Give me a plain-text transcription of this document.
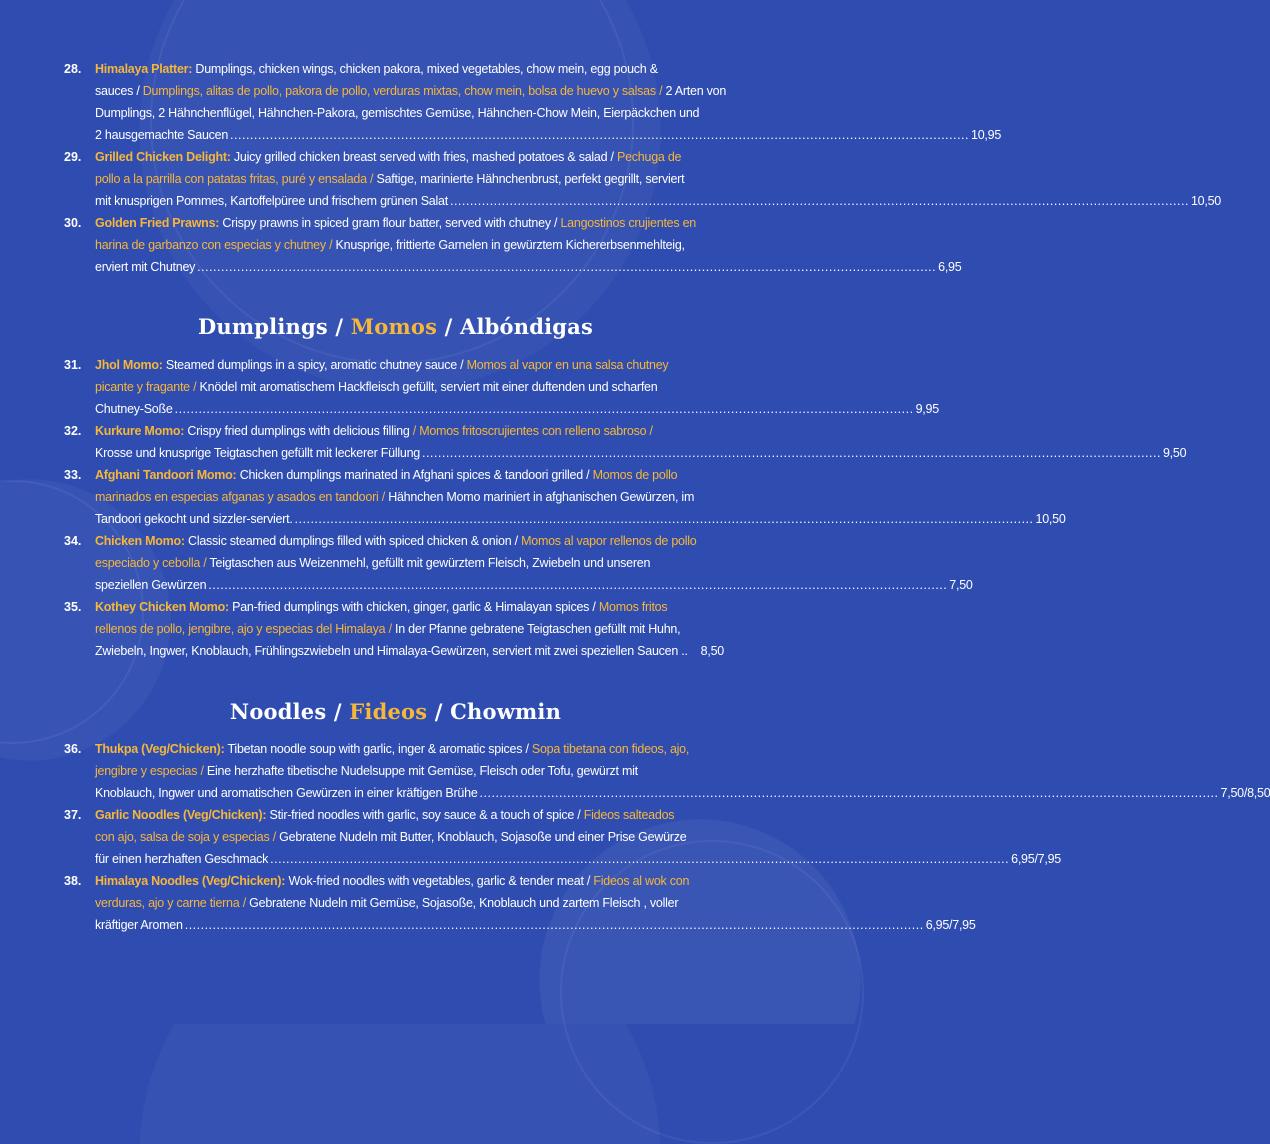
28.	Himalaya Platter: Dumplings, chicken wings, chicken pakora, mixed vegetables, chow mein, egg pouch &
sauces / Dumplings, alitas de pollo, pakora de pollo, verduras mixtas, chow mein, bolsa de huevo y salsas / 2 Arten von
Dumplings, 2 Hähnchenflügel, Hähnchen-Pakora, gemischtes Gemüse, Hähnchen-Chow Mein, Eierpäckchen und
2 hausgemachte Saucen .......................................................................................................................................................................................... 10,95
29.	Grilled Chicken Delight: Juicy grilled chicken breast served with fries, mashed potatoes & salad / Pechuga de
pollo a la parrilla con patatas fritas, puré y ensalada / Saftige, marinierte Hähnchenbrust, perfekt gegrillt, serviert
mit knusprigen Pommes, Kartoffelpüree und frischem grünen Salat .......................................................................................................................................................................................... 10,50
30.	Golden Fried Prawns: Crispy prawns in spiced gram flour batter, served with chutney / Langostinos crujientes en
harina de garbanzo con especias y chutney / Knusprige, frittierte Garnelen in gewürztem Kichererbsenmehlteig,
erviert mit Chutney .......................................................................................................................................................................................... 6,95
Dumplings / Momos / Albóndigas
31.	Jhol Momo: Steamed dumplings in a spicy, aromatic chutney sauce / Momos al vapor en una salsa chutney
picante y fragante / Knödel mit aromatischem Hackfleisch gefüllt, serviert mit einer duftenden und scharfen
Chutney-Soße .......................................................................................................................................................................................... 9,95
32.	Kurkure Momo: Crispy fried dumplings with delicious filling / Momos fritoscrujientes con relleno sabroso /
Krosse und knusprige Teigtaschen gefüllt mit leckerer Füllung .......................................................................................................................................................................................... 9,50
33.	Afghani Tandoori Momo: Chicken dumplings marinated in Afghani spices & tandoori grilled / Momos de pollo
marinados en especias afganas y asados en tandoori / Hähnchen Momo mariniert in afghanischen Gewürzen, im
Tandoori gekocht und sizzler-serviert. .......................................................................................................................................................................................... 10,50
34.	Chicken Momo: Classic steamed dumplings filled with spiced chicken & onion / Momos al vapor rellenos de pollo
especiado y cebolla / Teigtaschen aus Weizenmehl, gefüllt mit gewürztem Fleisch, Zwiebeln und unseren
speziellen Gewürzen .......................................................................................................................................................................................... 7,50
35.	Kothey Chicken Momo: Pan-fried dumplings with chicken, ginger, garlic & Himalayan spices / Momos fritos
rellenos de pollo, jengibre, ajo y especias del Himalaya / In der Pfanne gebratene Teigtaschen gefüllt mit Huhn,
Zwiebeln, Ingwer, Knoblauch, Frühlingszwiebeln und Himalaya-Gewürzen, serviert mit zwei speziellen Saucen .. 8,50
Noodles / Fideos / Chowmin
36.	Thukpa (Veg/Chicken): Tibetan noodle soup with garlic, inger & aromatic spices / Sopa tibetana con fideos, ajo,
jengibre y especias / Eine herzhafte tibetische Nudelsuppe mit Gemüse, Fleisch oder Tofu, gewürzt mit
Knoblauch, Ingwer und aromatischen Gewürzen in einer kräftigen Brühe .......................................................................................................................................................................................... 7,50/8,50
37.	Garlic Noodles (Veg/Chicken): Stir-fried noodles with garlic, soy sauce & a touch of spice / Fideos salteados
con ajo, salsa de soja y especias / Gebratene Nudeln mit Butter, Knoblauch, Sojasoße und einer Prise Gewürze
für einen herzhaften Geschmack .......................................................................................................................................................................................... 6,95/7,95
38.	Himalaya Noodles (Veg/Chicken): Wok-fried noodles with vegetables, garlic & tender meat / Fideos al wok con
verduras, ajo y carne tierna / Gebratene Nudeln mit Gemüse, Sojasoße, Knoblauch und zartem Fleisch , voller
kräftiger Aromen .......................................................................................................................................................................................... 6,95/7,95
